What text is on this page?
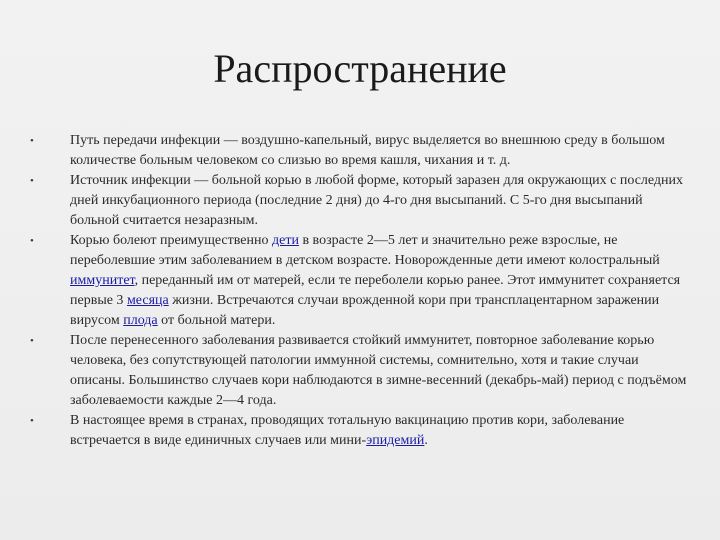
Распространение
•	Путь передачи инфекции — воздушно-капельный, вирус выделяется во внешнюю среду в большом количестве больным человеком со слизью во время кашля, чихания и т. д.
•	Источник инфекции — больной корью в любой форме, который заразен для окружающих с последних дней инкубационного периода (последние 2 дня) до 4-го дня высыпаний. С 5-го дня высыпаний больной считается незаразным.
•	Корью болеют преимущественно дети в возрасте 2—5 лет и значительно реже взрослые, не переболевшие этим заболеванием в детском возрасте. Новорожденные дети имеют колостральный иммунитет, переданный им от матерей, если те переболели корью ранее. Этот иммунитет сохраняется первые 3 месяца жизни. Встречаются случаи врожденной кори при трансплацентарном заражении вирусом плода от больной матери.
•	После перенесенного заболевания развивается стойкий иммунитет, повторное заболевание корью человека, без сопутствующей патологии иммунной системы, сомнительно, хотя и такие случаи описаны. Большинство случаев кори наблюдаются в зимне-весенний (декабрь-май) период с подъёмом заболеваемости каждые 2—4 года.
•	В настоящее время в странах, проводящих тотальную вакцинацию против кори, заболевание встречается в виде единичных случаев или мини-эпидемий.
